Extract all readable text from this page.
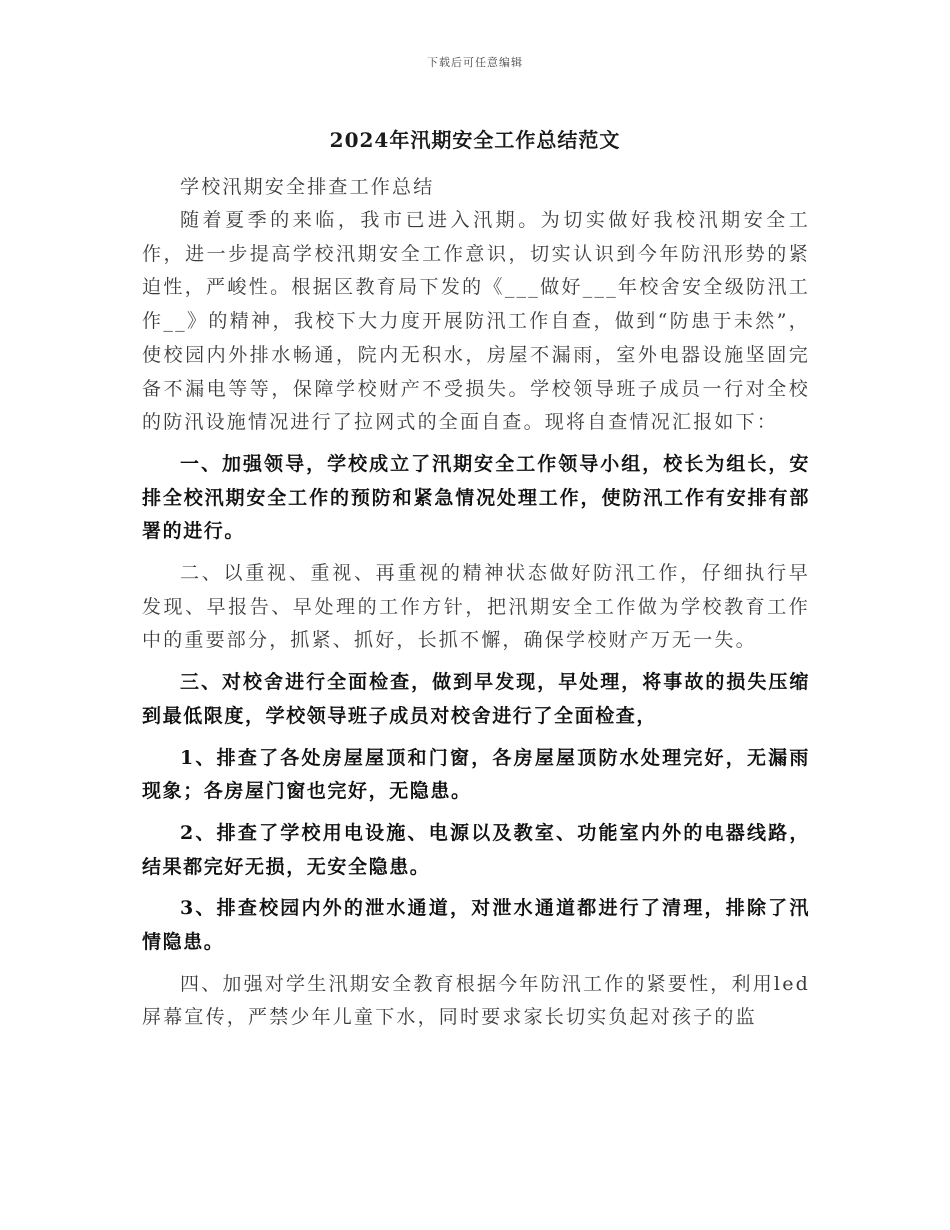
下载后可任意编辑
2024年汛期安全工作总结范文

学校汛期安全排查工作总结

随着夏季的来临，我市已进入汛期。为切实做好我校汛期安全工作，进一步提高学校汛期安全工作意识，切实认识到今年防汛形势的紧迫性，严峻性。根据区教育局下发的《___做好___年校舍安全级防汛工作__》的精神，我校下大力度开展防汛工作自查，做到“防患于未然”，使校园内外排水畅通，院内无积水，房屋不漏雨，室外电器设施坚固完备不漏电等等，保障学校财产不受损失。学校领导班子成员一行对全校的防汛设施情况进行了拉网式的全面自查。现将自查情况汇报如下：

一、加强领导，学校成立了汛期安全工作领导小组，校长为组长，安排全校汛期安全工作的预防和紧急情况处理工作，使防汛工作有安排有部署的进行。

二、以重视、重视、再重视的精神状态做好防汛工作，仔细执行早发现、早报告、早处理的工作方针，把汛期安全工作做为学校教育工作中的重要部分，抓紧、抓好，长抓不懈，确保学校财产万无一失。

三、对校舍进行全面检查，做到早发现，早处理，将事故的损失压缩到最低限度，学校领导班子成员对校舍进行了全面检查，

1、排查了各处房屋屋顶和门窗，各房屋屋顶防水处理完好，无漏雨现象；各房屋门窗也完好，无隐患。

2、排查了学校用电设施、电源以及教室、功能室内外的电器线路，结果都完好无损，无安全隐患。

3、排查校园内外的泄水通道，对泄水通道都进行了清理，排除了汛情隐患。

四、加强对学生汛期安全教育根据今年防汛工作的紧要性，利用led屏幕宣传，严禁少年儿童下水，同时要求家长切实负起对孩子的监
